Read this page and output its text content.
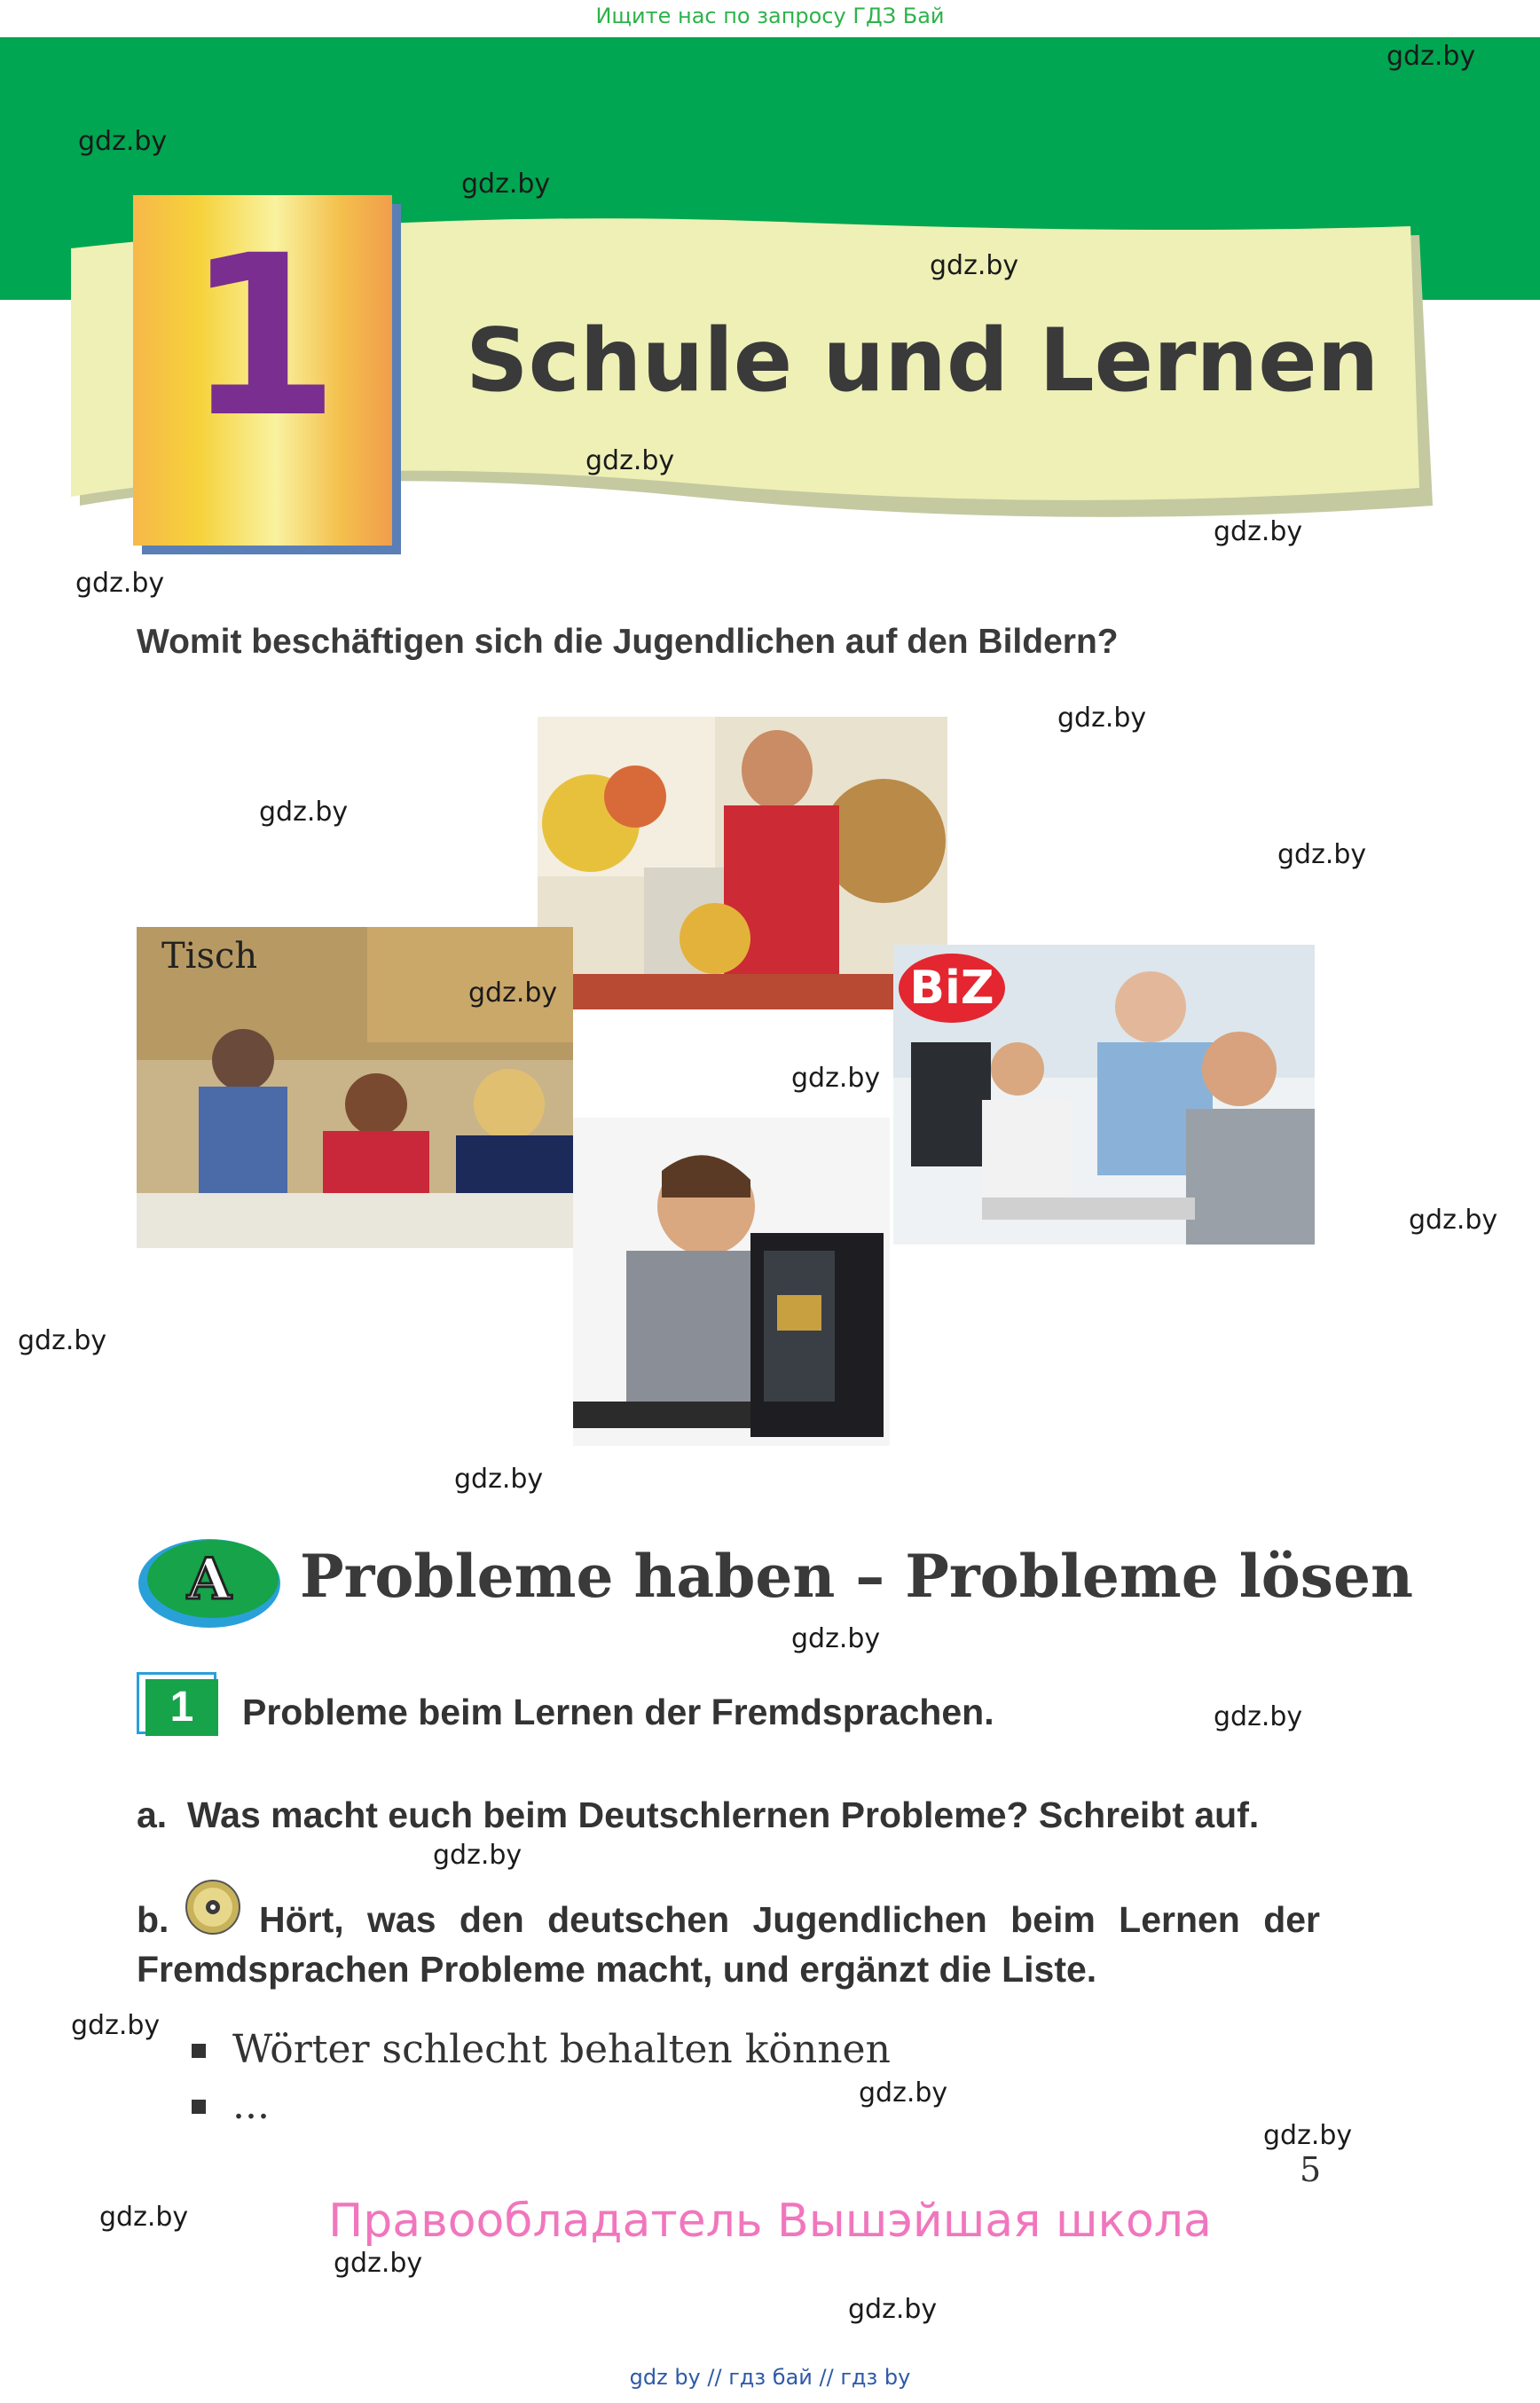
Ищите нас по запросу ГДЗ Бай
1	Schule und Lernen
Womit beschäftigen sich die Jugendlichen auf den Bildern?
Tisch
BiZ
A Probleme haben – Probleme lösen
1	Probleme beim Lernen der Fremdsprachen.
a.  Was macht euch beim Deutschlernen Probleme? Schreibt auf.
b. Hört, was den deutschen Jugendlichen beim Lernen der
Fremdsprachen Probleme macht, und ergänzt die Liste.
Wörter schlecht behalten können
...
5
Правообладатель Вышэйшая школа
gdz by // гдз бай // гдз by
gdz.by
gdz.by
gdz.by
gdz.by
gdz.by
gdz.by
gdz.by
gdz.by
gdz.by
gdz.by
gdz.by
gdz.by
gdz.by
gdz.by
gdz.by
gdz.by
gdz.by
gdz.by
gdz.by
gdz.by
gdz.by
gdz.by
gdz.by
gdz.by
